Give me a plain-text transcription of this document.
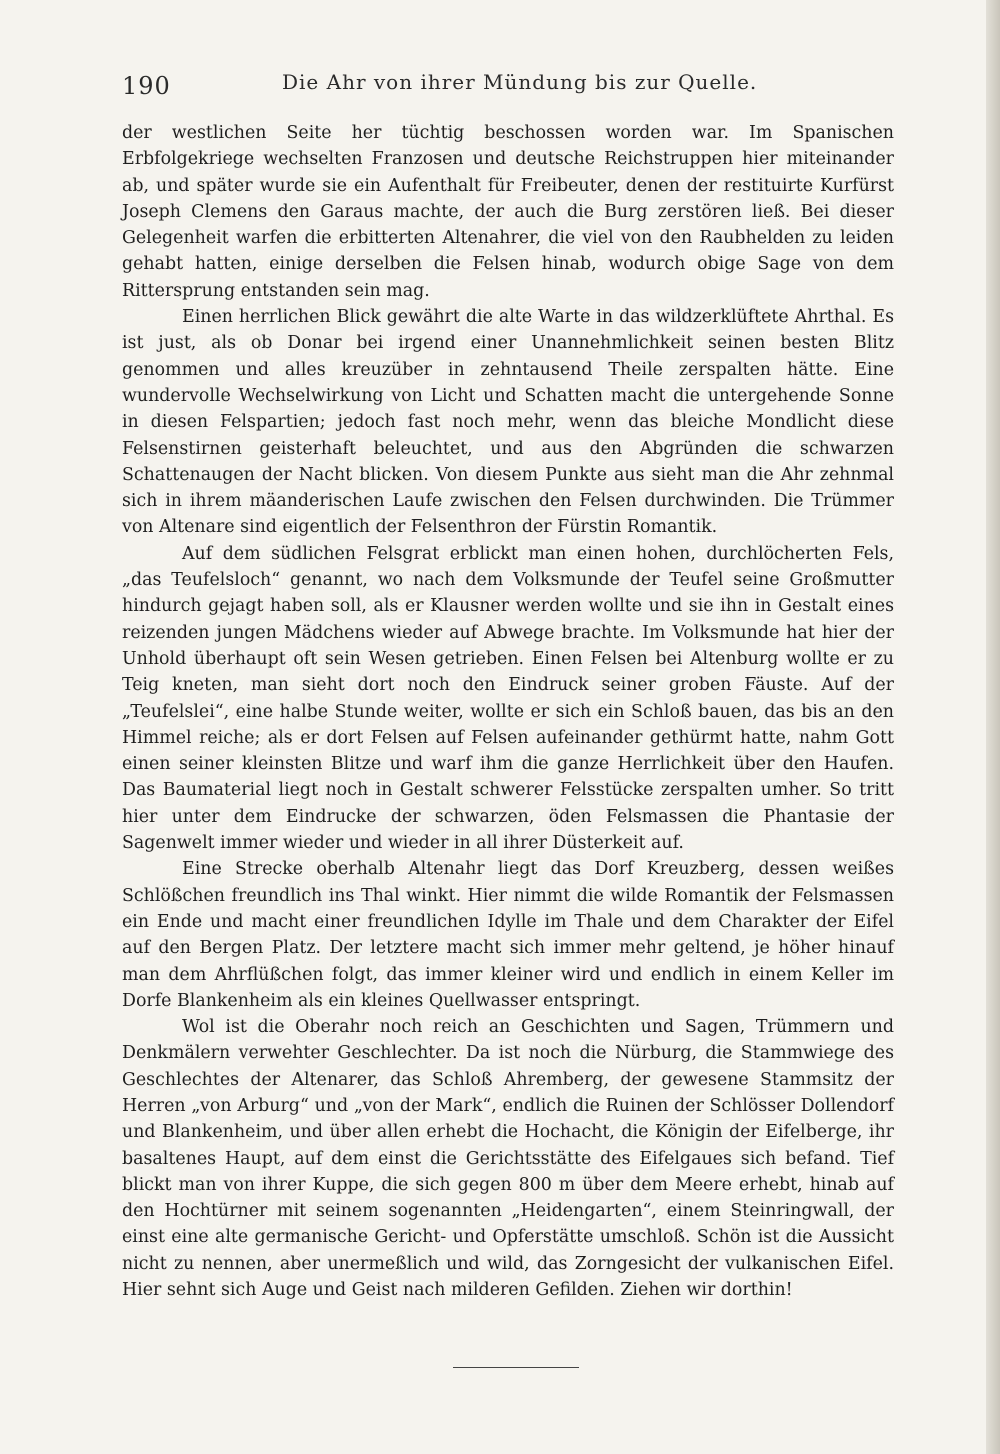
190	Die Ahr von ihrer Mündung bis zur Quelle.

der westlichen Seite her tüchtig beschossen worden war. Im Spanischen Erbfolgekriege wechselten Franzosen und deutsche Reichstruppen hier miteinander ab, und später wurde sie ein Aufenthalt für Freibeuter, denen der restituirte Kurfürst Joseph Clemens den Garaus machte, der auch die Burg zerstören ließ. Bei dieser Gelegenheit warfen die erbitterten Altenahrer, die viel von den Raubhelden zu leiden gehabt hatten, einige derselben die Felsen hinab, wodurch obige Sage von dem Rittersprung entstanden sein mag.

Einen herrlichen Blick gewährt die alte Warte in das wildzerklüftete Ahrthal. Es ist just, als ob Donar bei irgend einer Unannehmlichkeit seinen besten Blitz genommen und alles kreuzüber in zehntausend Theile zerspalten hätte. Eine wundervolle Wechselwirkung von Licht und Schatten macht die untergehende Sonne in diesen Felspartien; jedoch fast noch mehr, wenn das bleiche Mondlicht diese Felsenstirnen geisterhaft beleuchtet, und aus den Abgründen die schwarzen Schattenaugen der Nacht blicken. Von diesem Punkte aus sieht man die Ahr zehnmal sich in ihrem mäanderischen Laufe zwischen den Felsen durchwinden. Die Trümmer von Altenare sind eigentlich der Felsenthron der Fürstin Romantik.

Auf dem südlichen Felsgrat erblickt man einen hohen, durchlöcherten Fels, „das Teufelsloch“ genannt, wo nach dem Volksmunde der Teufel seine Großmutter hindurch gejagt haben soll, als er Klausner werden wollte und sie ihn in Gestalt eines reizenden jungen Mädchens wieder auf Abwege brachte. Im Volksmunde hat hier der Unhold überhaupt oft sein Wesen getrieben. Einen Felsen bei Altenburg wollte er zu Teig kneten, man sieht dort noch den Eindruck seiner groben Fäuste. Auf der „Teufelslei“, eine halbe Stunde weiter, wollte er sich ein Schloß bauen, das bis an den Himmel reiche; als er dort Felsen auf Felsen aufeinander gethürmt hatte, nahm Gott einen seiner kleinsten Blitze und warf ihm die ganze Herrlichkeit über den Haufen. Das Baumaterial liegt noch in Gestalt schwerer Felsstücke zerspalten umher. So tritt hier unter dem Eindrucke der schwarzen, öden Felsmassen die Phantasie der Sagenwelt immer wieder und wieder in all ihrer Düsterkeit auf.

Eine Strecke oberhalb Altenahr liegt das Dorf Kreuzberg, dessen weißes Schlößchen freundlich ins Thal winkt. Hier nimmt die wilde Romantik der Felsmassen ein Ende und macht einer freundlichen Idylle im Thale und dem Charakter der Eifel auf den Bergen Platz. Der letztere macht sich immer mehr geltend, je höher hinauf man dem Ahrflüßchen folgt, das immer kleiner wird und endlich in einem Keller im Dorfe Blankenheim als ein kleines Quellwasser entspringt.

Wol ist die Oberahr noch reich an Geschichten und Sagen, Trümmern und Denkmälern verwehter Geschlechter. Da ist noch die Nürburg, die Stammwiege des Geschlechtes der Altenarer, das Schloß Ahremberg, der gewesene Stammsitz der Herren „von Arburg“ und „von der Mark“, endlich die Ruinen der Schlösser Dollendorf und Blankenheim, und über allen erhebt die Hochacht, die Königin der Eifelberge, ihr basaltenes Haupt, auf dem einst die Gerichtsstätte des Eifelgaues sich befand. Tief blickt man von ihrer Kuppe, die sich gegen 800 m über dem Meere erhebt, hinab auf den Hochtürner mit seinem sogenannten „Heidengarten“, einem Steinringwall, der einst eine alte germanische Gericht- und Opferstätte umschloß. Schön ist die Aussicht nicht zu nennen, aber unermeßlich und wild, das Zorngesicht der vulkanischen Eifel. Hier sehnt sich Auge und Geist nach milderen Gefilden. Ziehen wir dorthin!
